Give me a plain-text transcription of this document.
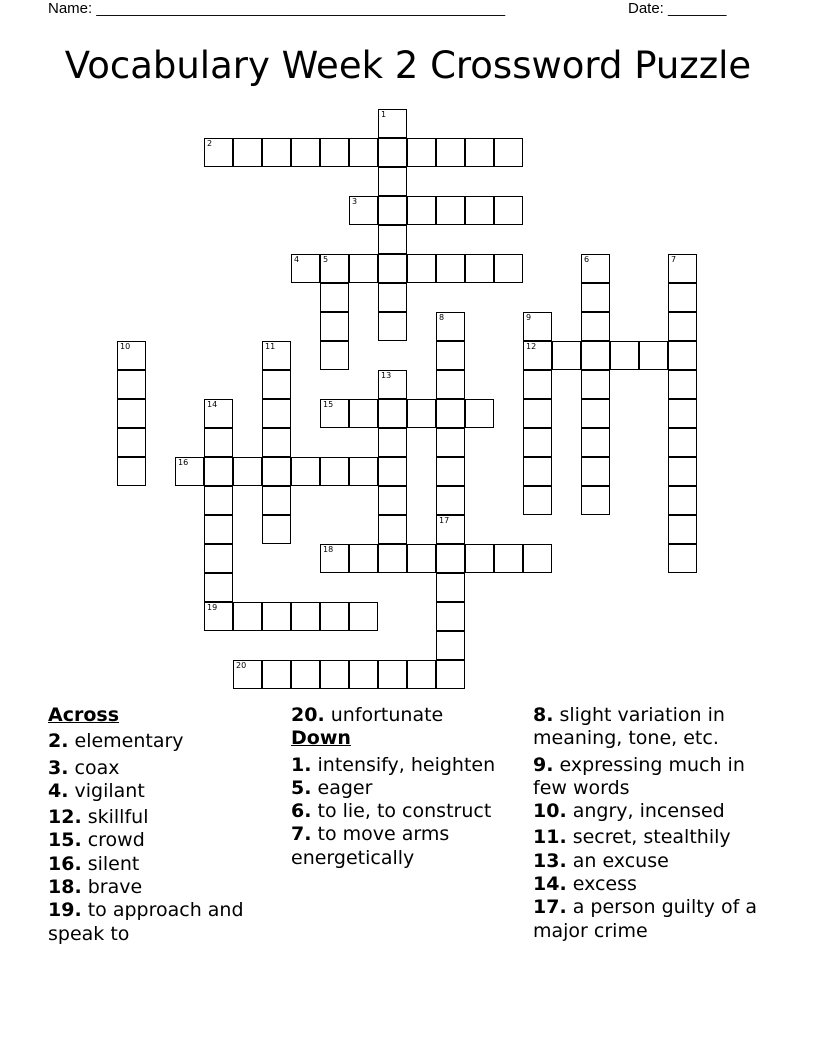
Name: _________________________________________________	Date: _______
Vocabulary Week 2 Crossword Puzzle
2
3
4	5
12
15
16
18
19
20
1
6	7
8	9
10	11
13
14
17

Across

2. elementary

3. coax

4. vigilant

12. skillful

15. crowd

16. silent

18. brave

19. to approach and speak to

20. unfortunate

Down

1. intensify, heighten

5. eager

6. to lie, to construct

7. to move arms energetically

8. slight variation in meaning, tone, etc.

9. expressing much in few words

10. angry, incensed

11. secret, stealthily

13. an excuse

14. excess

17. a person guilty of a major crime
